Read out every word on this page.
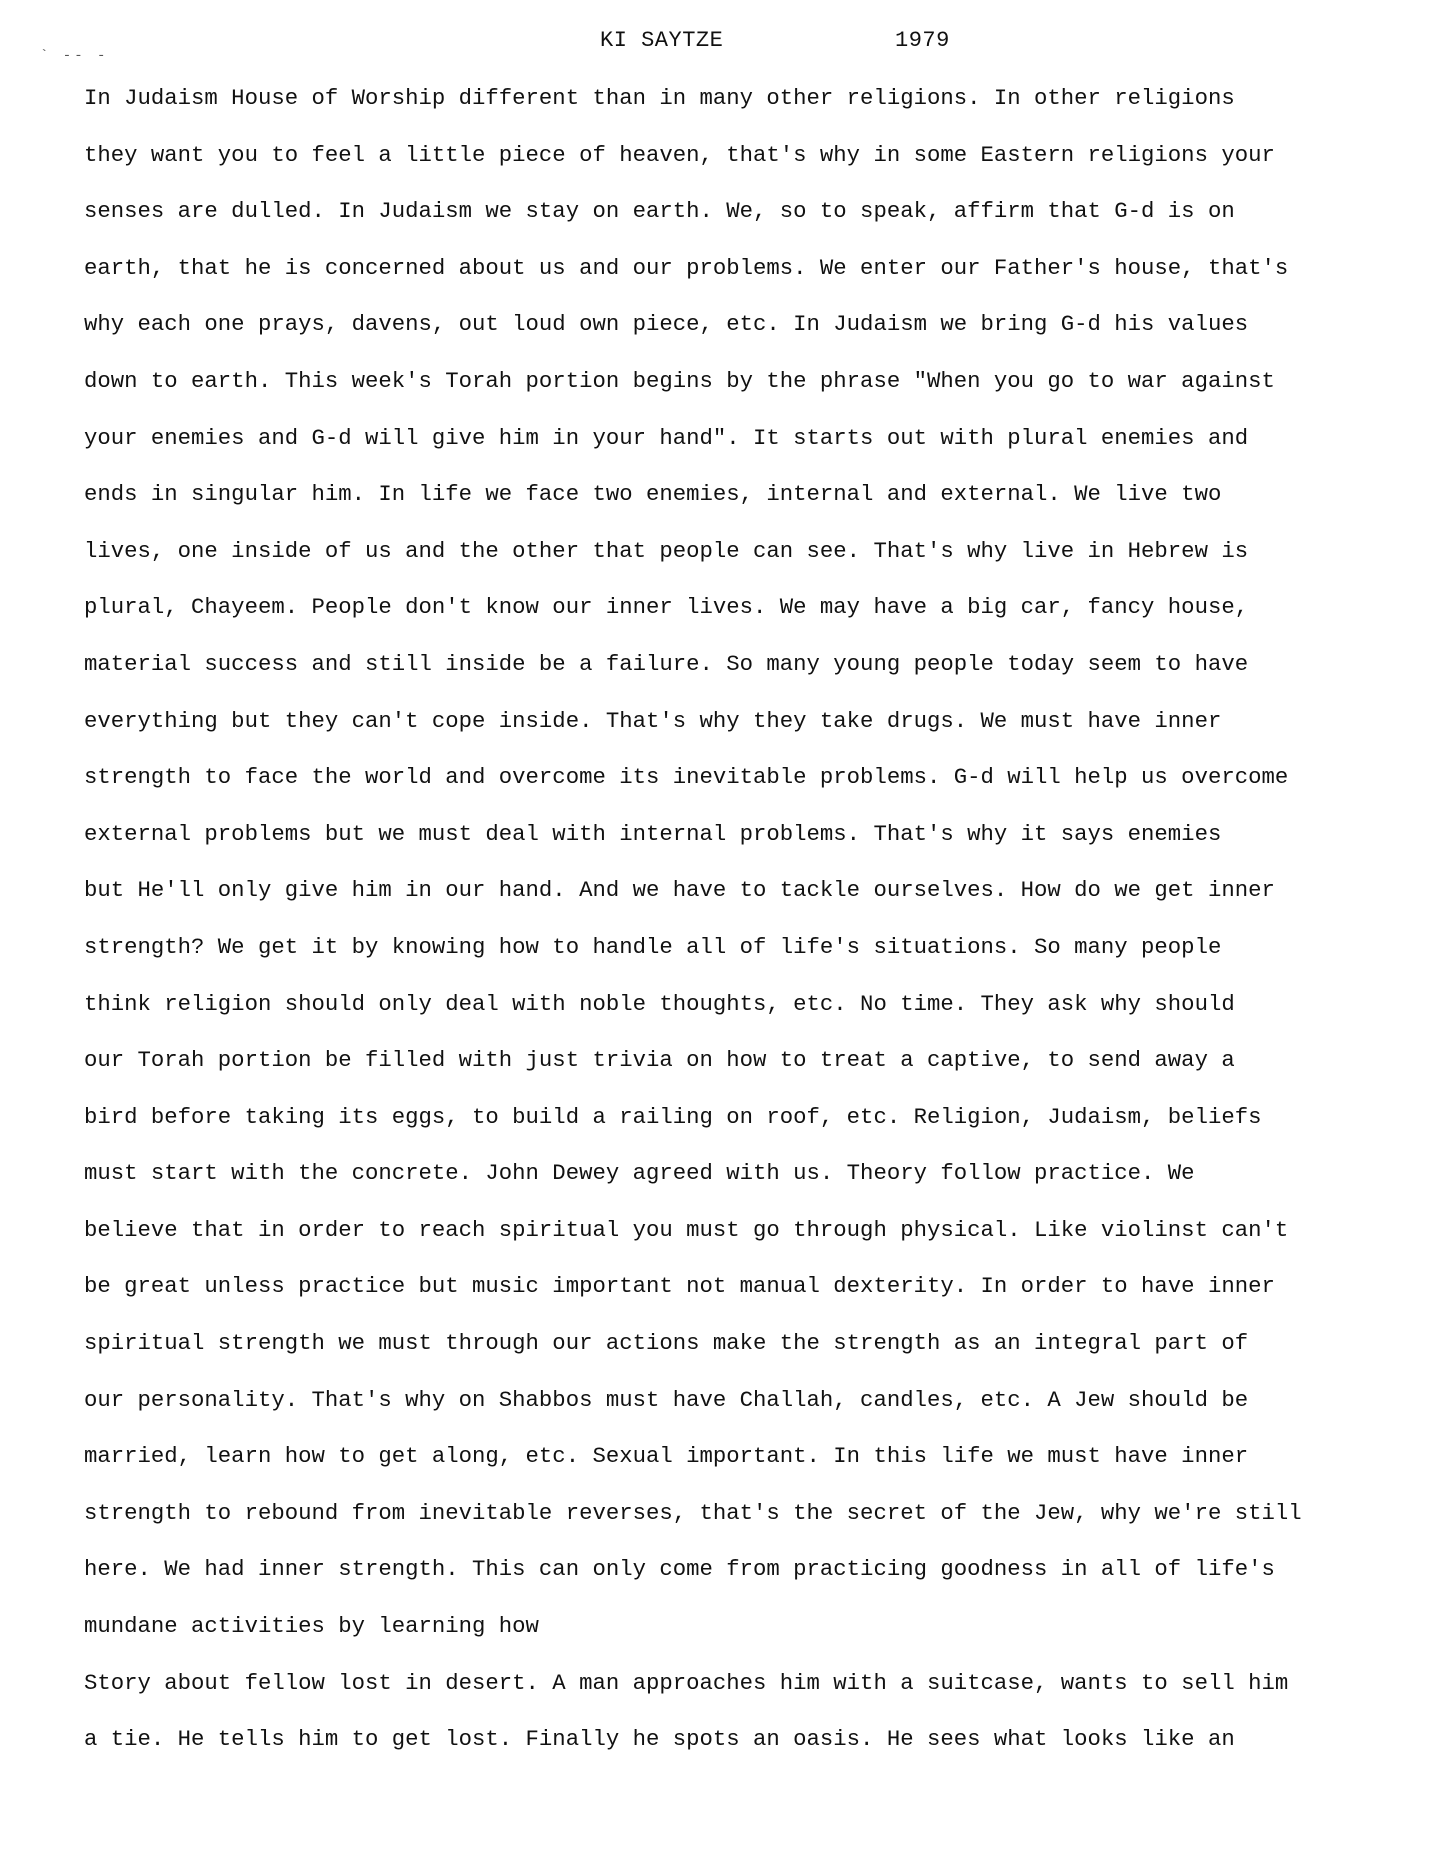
KI SAYTZE	1979
` -- -
In Judaism House of Worship different than in many other religions. In other religions
they want you to feel a little piece of heaven, that's why in some Eastern religions your
senses are dulled. In Judaism we stay on earth. We, so to speak, affirm that G-d is on
earth, that he is concerned about us and our problems. We enter our Father's house, that's
why each one prays, davens, out loud own piece, etc. In Judaism we bring G-d his values
down to earth. This week's Torah portion begins by the phrase "When you go to war against
your enemies and G-d will give him in your hand". It starts out with plural enemies and
ends in singular him. In life we face two enemies, internal and external. We live two
lives, one inside of us and the other that people can see. That's why live in Hebrew is
plural, Chayeem. People don't know our inner lives. We may have a big car, fancy house,
material success and still inside be a failure. So many young people today seem to have
everything but they can't cope inside. That's why they take drugs. We must have inner
strength to face the world and overcome its inevitable problems. G-d will help us overcome
external problems but we must deal with internal problems. That's why it says enemies
but He'll only give him in our hand. And we have to tackle ourselves. How do we get inner
strength? We get it by knowing how to handle all of life's situations. So many people
think religion should only deal with noble thoughts, etc. No time. They ask why should
our Torah portion be filled with just trivia on how to treat a captive, to send away a
bird before taking its eggs, to build a railing on roof, etc. Religion, Judaism, beliefs
must start with the concrete. John Dewey agreed with us. Theory follow practice. We
believe that in order to reach spiritual you must go through physical. Like violinst can't
be great unless practice but music important not manual dexterity. In order to have inner
spiritual strength we must through our actions make the strength as an integral part of
our personality. That's why on Shabbos must have Challah, candles, etc. A Jew should be
married, learn how to get along, etc. Sexual important. In this life we must have inner
strength to rebound from inevitable reverses, that's the secret of the Jew, why we're still
here. We had inner strength. This can only come from practicing goodness in all of life's
mundane activities by learning how
Story about fellow lost in desert. A man approaches him with a suitcase, wants to sell him
a tie. He tells him to get lost. Finally he spots an oasis. He sees what looks like an
